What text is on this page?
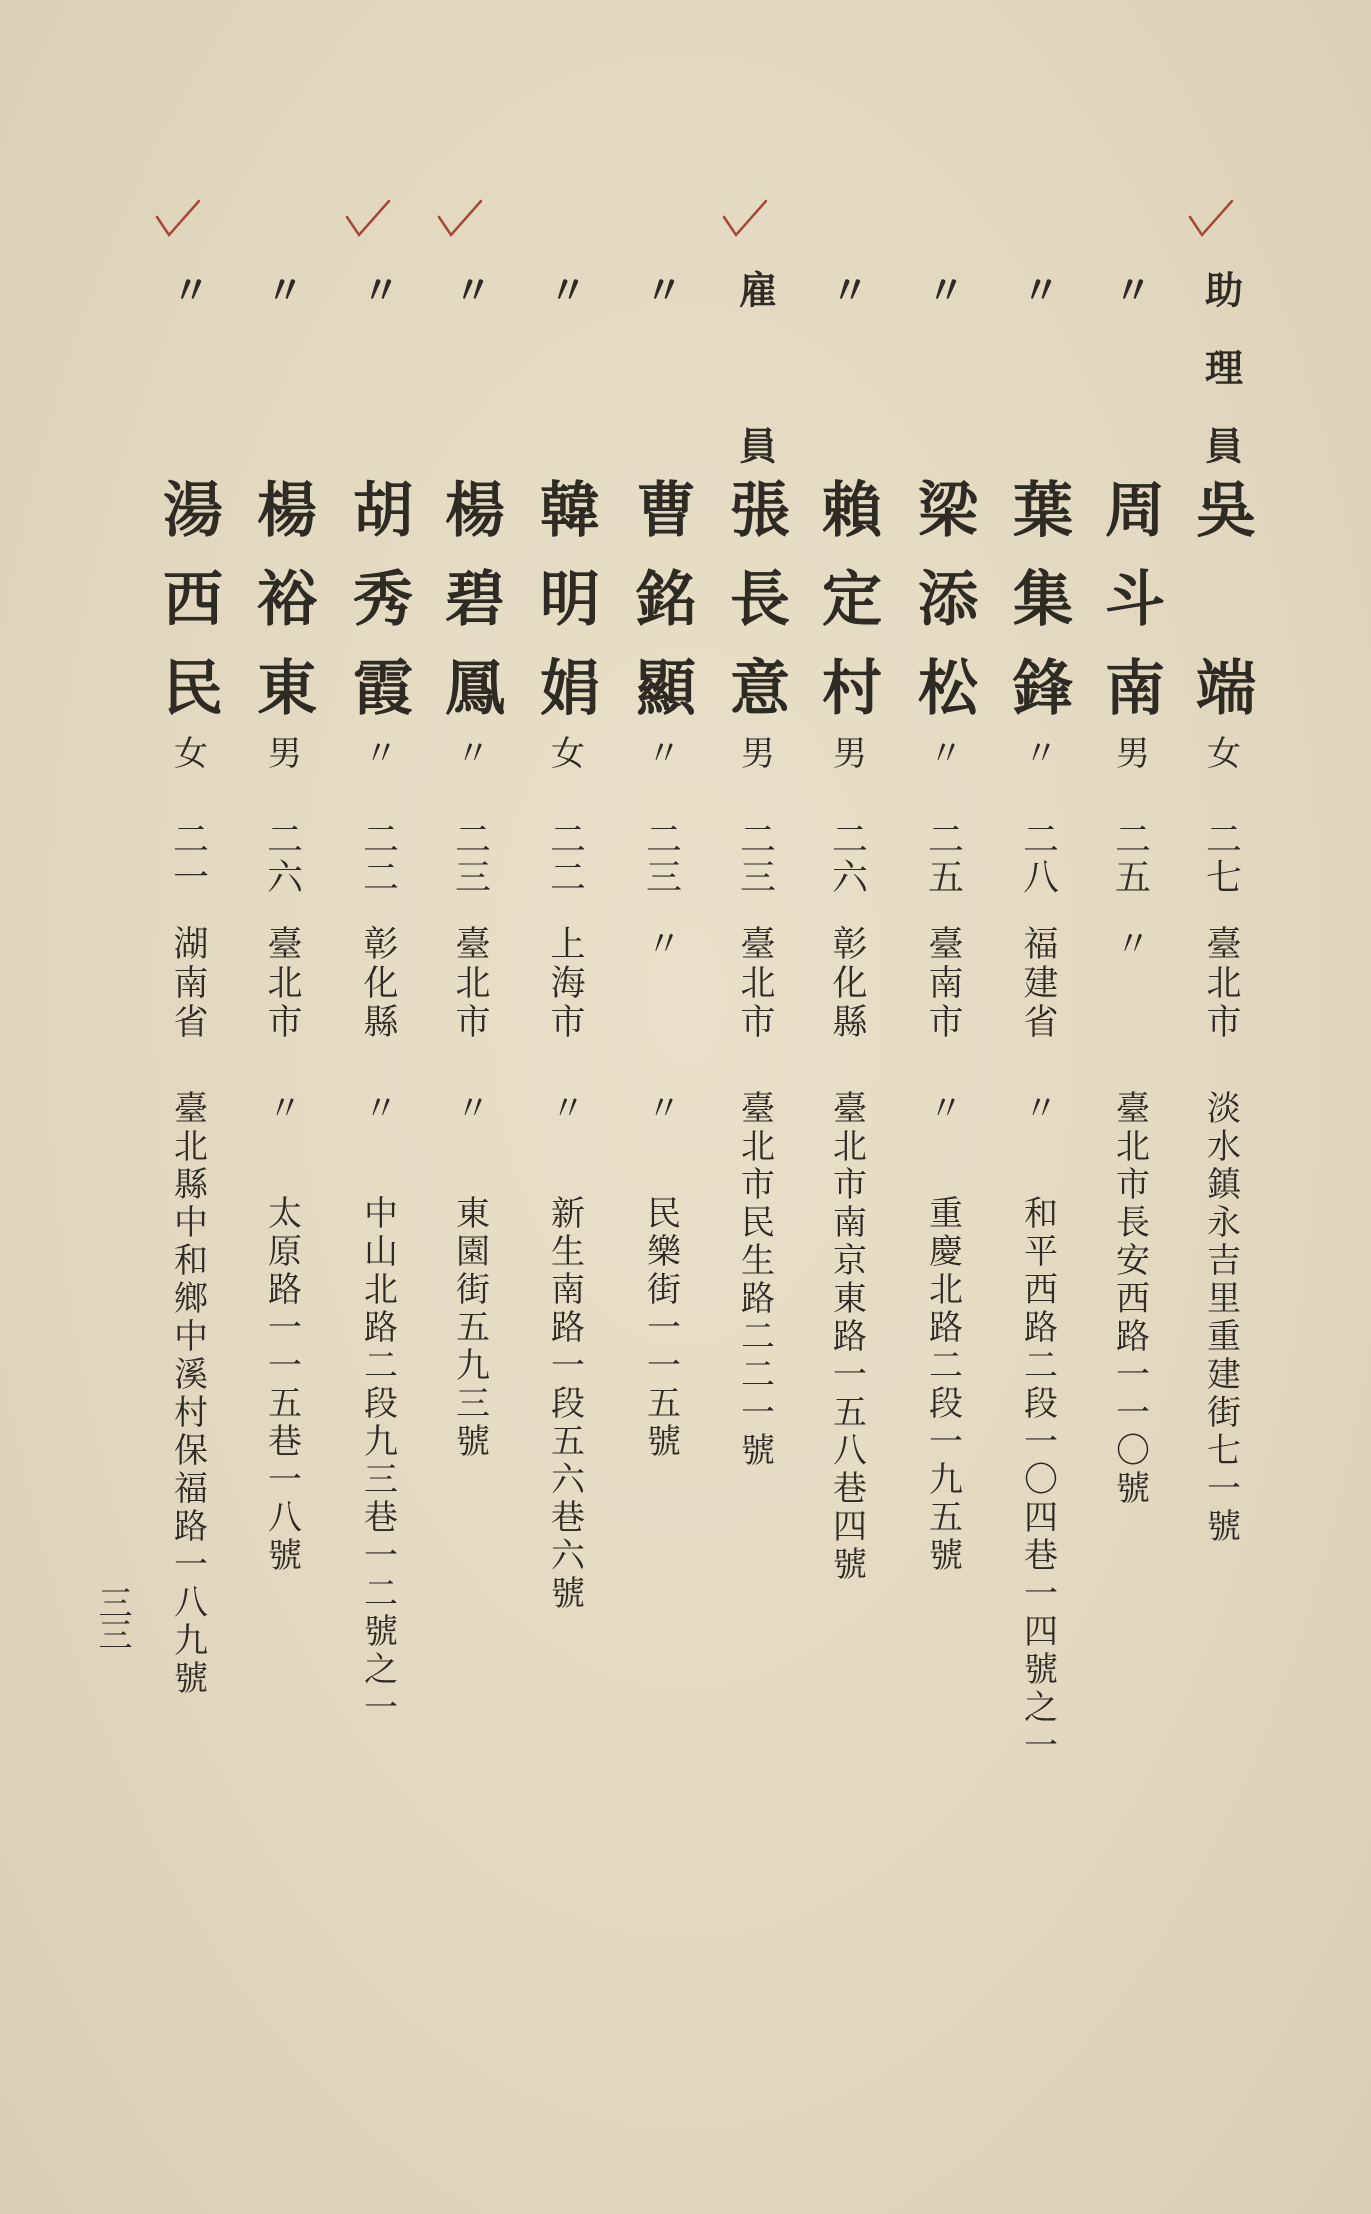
助理員
吳　端
女
二七
臺北市
淡水鎮永吉里重建街七一號
〃
周斗南
男
二五
〃
臺北市長安西路一一〇號
〃
葉集鋒
〃
二八
福建省
〃
和平西路二段一〇四巷一四號之一
〃
梁添松
〃
二五
臺南市
〃
重慶北路二段一九五號
〃
賴定村
男
二六
彰化縣
臺北市南京東路一五八巷四號
雇　員
張長意
男
二三
臺北市
臺北市民生路二二一號
〃
曹銘顯
〃
二三
〃
〃
民樂街一一五號
〃
韓明娟
女
二二
上海市
〃
新生南路一段五六巷六號
〃
楊碧鳳
〃
二三
臺北市
〃
東園街五九三號
〃
胡秀霞
〃
二二
彰化縣
〃
中山北路二段九三巷一二號之一
〃
楊裕東
男
二六
臺北市
〃
太原路一一五巷一八號
〃
湯西民
女
二一
湖南省
臺北縣中和鄉中溪村保福路一八九號
三三
